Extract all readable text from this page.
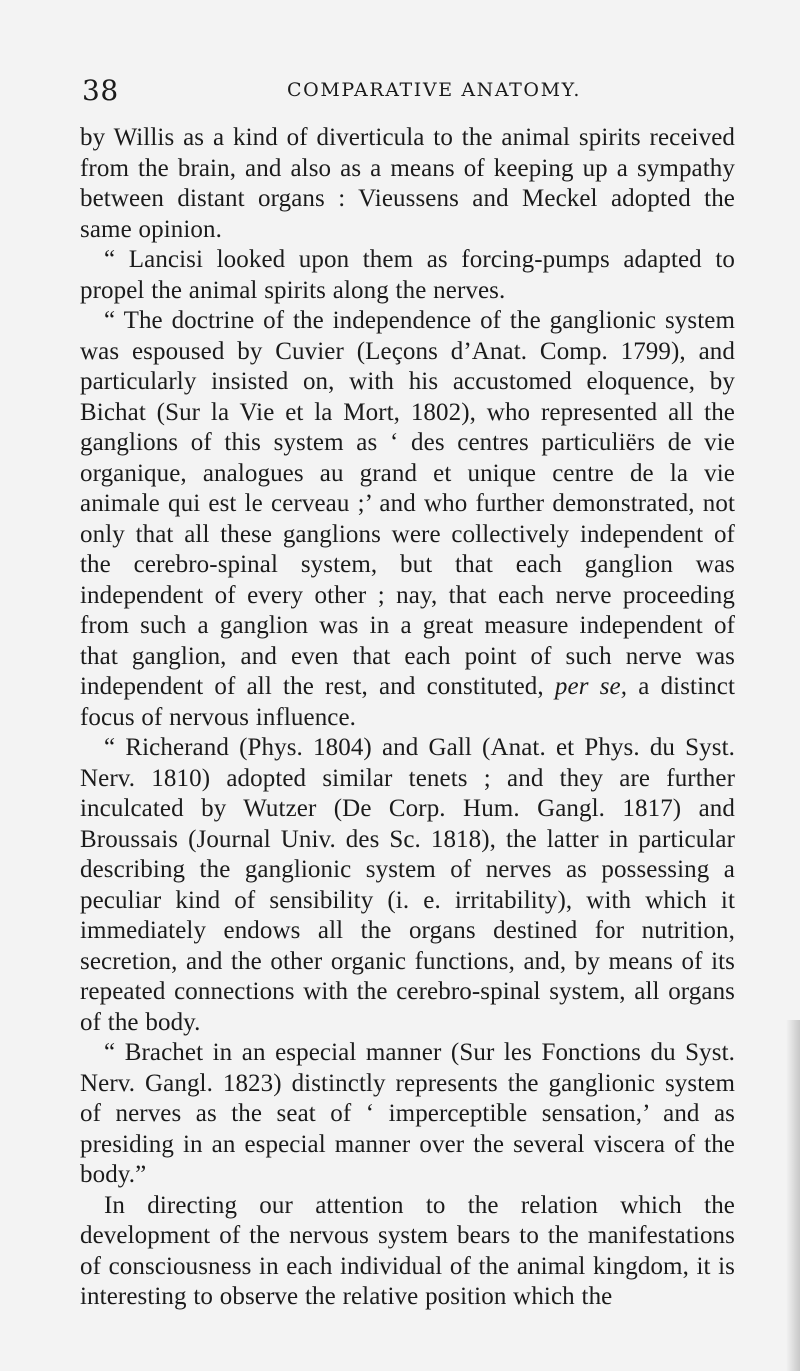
38	COMPARATIVE ANATOMY.

by Willis as a kind of diverticula to the animal spirits received from the brain, and also as a means of keeping up a sympathy between distant organs : Vieussens and Meckel adopted the same opinion.

“ Lancisi looked upon them as forcing-pumps adapted to propel the animal spirits along the nerves.

“ The doctrine of the independence of the ganglionic system was espoused by Cuvier (Leçons d’Anat. Comp. 1799), and particularly insisted on, with his accustomed eloquence, by Bichat (Sur la Vie et la Mort, 1802), who represented all the ganglions of this system as ‘ des centres particuliërs de vie organique, analogues au grand et unique centre de la vie animale qui est le cerveau ;’ and who further demonstrated, not only that all these ganglions were collectively independent of the cerebro-spinal system, but that each ganglion was independent of every other ; nay, that each nerve proceeding from such a ganglion was in a great measure independent of that ganglion, and even that each point of such nerve was independent of all the rest, and constituted, per se, a distinct focus of nervous influence.

“ Richerand (Phys. 1804) and Gall (Anat. et Phys. du Syst. Nerv. 1810) adopted similar tenets ; and they are further inculcated by Wutzer (De Corp. Hum. Gangl. 1817) and Broussais (Journal Univ. des Sc. 1818), the latter in particular describing the ganglionic system of nerves as possessing a peculiar kind of sensibility (i. e. irritability), with which it immediately endows all the organs destined for nutrition, secretion, and the other organic functions, and, by means of its repeated connections with the cerebro-spinal system, all organs of the body.

“ Brachet in an especial manner (Sur les Fonctions du Syst. Nerv. Gangl. 1823) distinctly represents the ganglionic system of nerves as the seat of ‘ imperceptible sensation,’ and as presiding in an especial manner over the several viscera of the body.”

In directing our attention to the relation which the development of the nervous system bears to the manifestations of consciousness in each individual of the animal kingdom, it is interesting to observe the relative position which the
